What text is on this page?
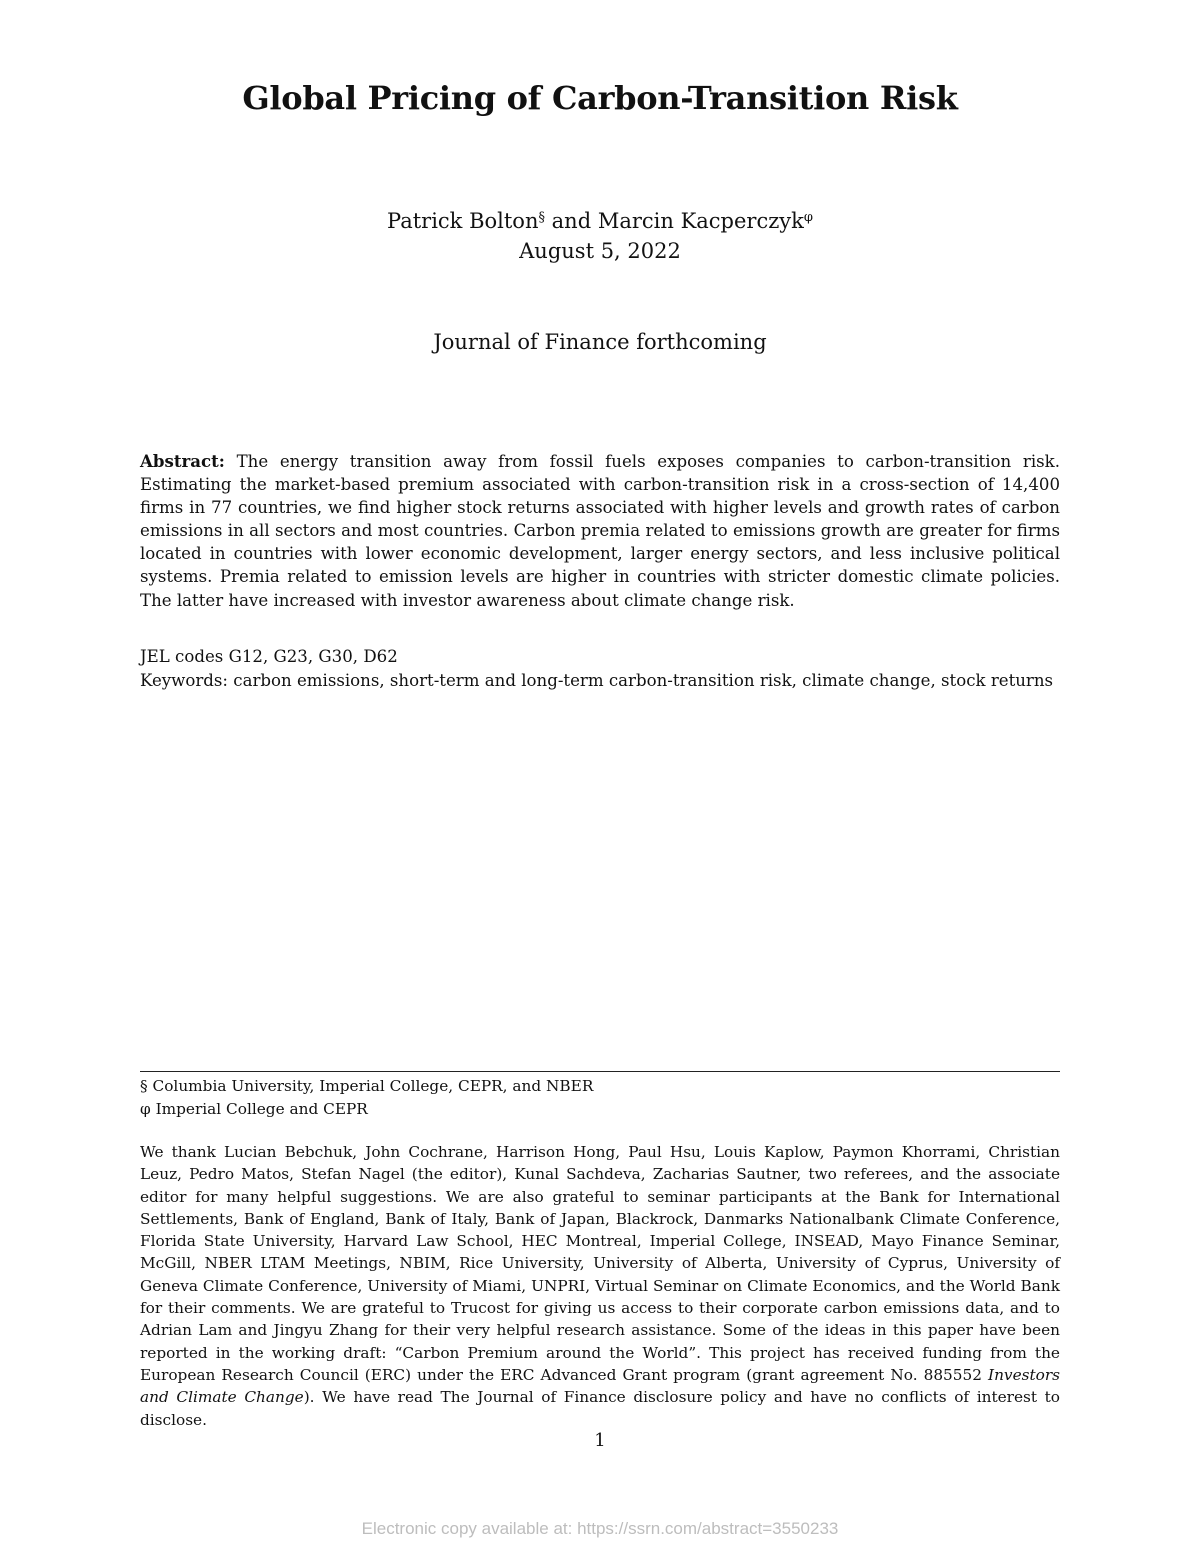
Global Pricing of Carbon-Transition Risk
Patrick Bolton§ and Marcin Kacperczyk$^\varphi$
August 5, 2022
Journal of Finance forthcoming

Abstract: The energy transition away from fossil fuels exposes companies to carbon-transition risk. Estimating the market-based premium associated with carbon-transition risk in a cross-section of 14,400 firms in 77 countries, we find higher stock returns associated with higher levels and growth rates of carbon emissions in all sectors and most countries. Carbon premia related to emissions growth are greater for firms located in countries with lower economic development, larger energy sectors, and less inclusive political systems. Premia related to emission levels are higher in countries with stricter domestic climate policies. The latter have increased with investor awareness about climate change risk.

JEL codes G12, G23, G30, D62

Keywords: carbon emissions, short-term and long-term carbon-transition risk, climate change, stock returns

§ Columbia University, Imperial College, CEPR, and NBER

φ Imperial College and CEPR

We thank Lucian Bebchuk, John Cochrane, Harrison Hong, Paul Hsu, Louis Kaplow, Paymon Khorrami, Christian Leuz, Pedro Matos, Stefan Nagel (the editor), Kunal Sachdeva, Zacharias Sautner, two referees, and the associate editor for many helpful suggestions. We are also grateful to seminar participants at the Bank for International Settlements, Bank of England, Bank of Italy, Bank of Japan, Blackrock, Danmarks Nationalbank Climate Conference, Florida State University, Harvard Law School, HEC Montreal, Imperial College, INSEAD, Mayo Finance Seminar, McGill, NBER LTAM Meetings, NBIM, Rice University, University of Alberta, University of Cyprus, University of Geneva Climate Conference, University of Miami, UNPRI, Virtual Seminar on Climate Economics, and the World Bank for their comments. We are grateful to Trucost for giving us access to their corporate carbon emissions data, and to Adrian Lam and Jingyu Zhang for their very helpful research assistance. Some of the ideas in this paper have been reported in the working draft: “Carbon Premium around the World”. This project has received funding from the European Research Council (ERC) under the ERC Advanced Grant program (grant agreement No. 885552 Investors and Climate Change). We have read The Journal of Finance disclosure policy and have no conflicts of interest to disclose.

1
Electronic copy available at: https://ssrn.com/abstract=3550233
